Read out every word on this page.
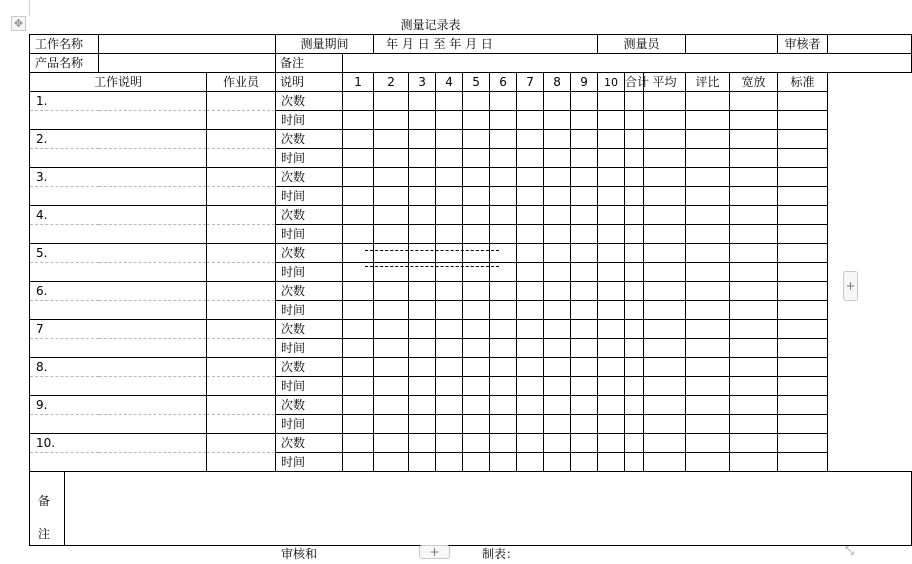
✥	测量记录表
工作名称			测量期间		年 月 日 至 年 月 日								测量员					审核者	
产品名称			备注																
工作说明		作业员	说明	1	2	3	4	5	6	7	8	9	10	合计	平均	评比	宽放	标准	
1.			次数																
			时间																
2.			次数																
			时间																
3.			次数																
			时间																
4.			次数																
			时间																
5.			次数																
			时间																
6.			次数																
			时间																
7			次数																
			时间																
8.			次数																
			时间																
9.			次数																
			时间																
10.			次数																
			时间																

备
注																			

审核和	+	制表：
+
⤡
